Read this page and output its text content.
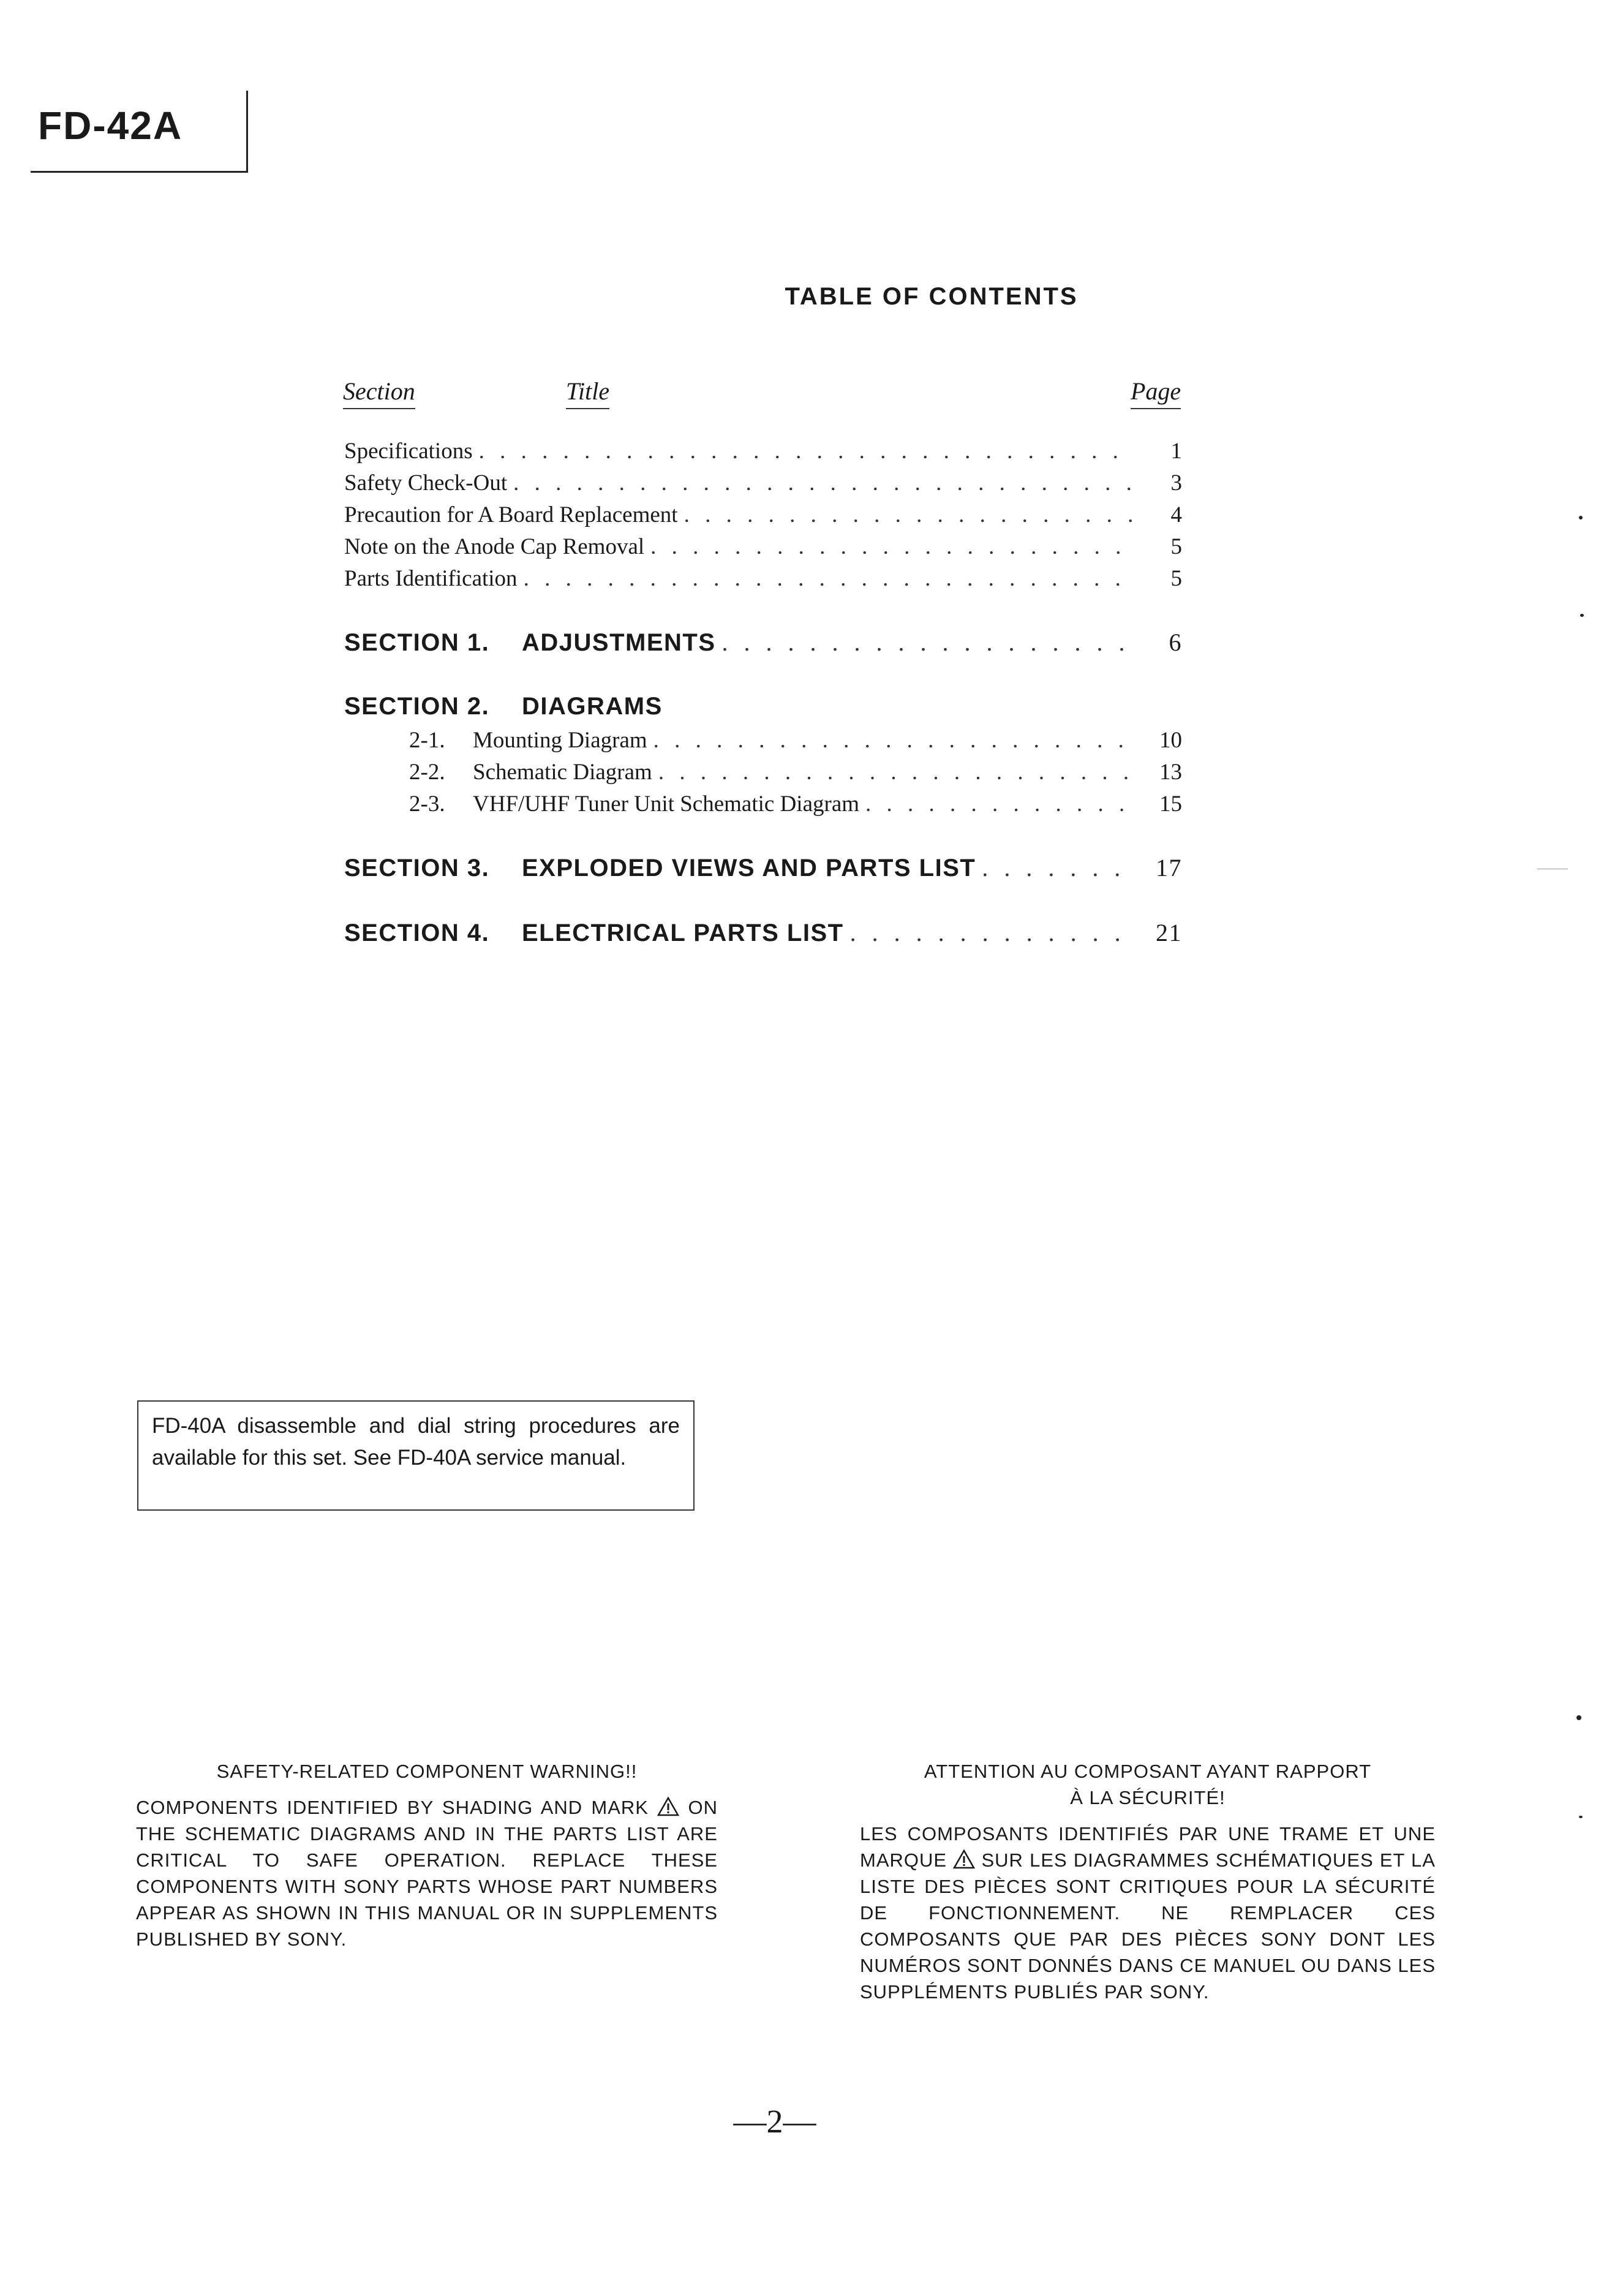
FD-42A
TABLE OF CONTENTS
Section	Title	Page
Specifications . . .	1
Safety Check-Out . . .	3
Precaution for A Board Replacement . . .	4
Note on the Anode Cap Removal . . .	5
Parts Identification . . .	5
SECTION 1. ADJUSTMENTS . . .	6
SECTION 2. DIAGRAMS
2-1. Mounting Diagram . . .	10
2-2. Schematic Diagram . . .	13
2-3. VHF/UHF Tuner Unit Schematic Diagram . . .	15
SECTION 3. EXPLODED VIEWS AND PARTS LIST . . .	17
SECTION 4. ELECTRICAL PARTS LIST . . .	21
FD-40A disassemble and dial string procedures are available for this set. See FD-40A service manual.
SAFETY-RELATED COMPONENT WARNING!!
COMPONENTS IDENTIFIED BY SHADING AND MARK ON THE SCHEMATIC DIAGRAMS AND IN THE PARTS LIST ARE CRITICAL TO SAFE OPERATION. REPLACE THESE COMPONENTS WITH SONY PARTS WHOSE PART NUMBERS APPEAR AS SHOWN IN THIS MANUAL OR IN SUPPLEMENTS PUBLISHED BY SONY.
ATTENTION AU COMPOSANT AYANT RAPPORT
À LA SÉCURITÉ!
LES COMPOSANTS IDENTIFIÉS PAR UNE TRAME ET UNE MARQUE SUR LES DIAGRAMMES SCHÉMATIQUES ET LA LISTE DES PIÈCES SONT CRITIQUES POUR LA SÉCURITÉ DE FONCTIONNEMENT. NE REMPLACER CES COMPOSANTS QUE PAR DES PIÈCES SONY DONT LES NUMÉROS SONT DONNÉS DANS CE MANUEL OU DANS LES SUPPLÉMENTS PUBLIÉS PAR SONY.
—2—
